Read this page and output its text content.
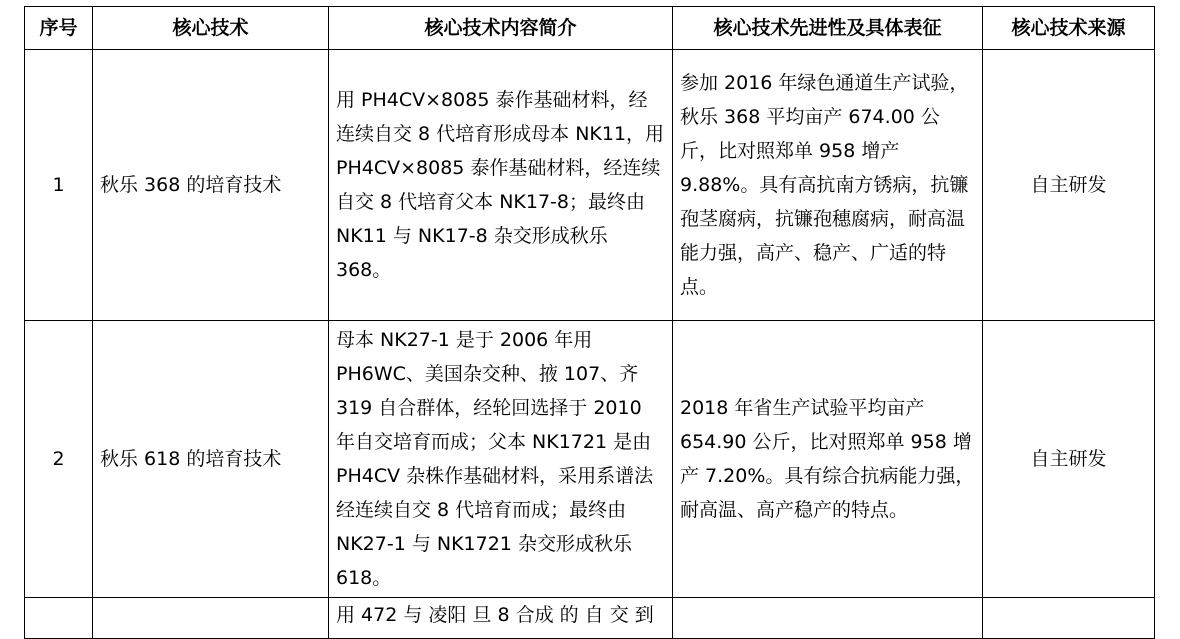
序号	核心技术	核心技术内容简介	核心技术先进性及具体表征	核心技术来源
1	秋乐 368 的培育技术	用 PH4CV×8085 泰作基础材料，经连续自交 8 代培育形成母本 NK11，用 PH4CV×8085 泰作基础材料，经连续自交 8 代培育父本 NK17-8；最终由 NK11 与 NK17-8 杂交形成秋乐 368。	参加 2016 年绿色通道生产试验，秋乐 368 平均亩产 674.00 公斤，比对照郑单 958 增产 9.88%。具有高抗南方锈病，抗镰孢茎腐病，抗镰孢穗腐病，耐高温能力强，高产、稳产、广适的特点。	自主研发
2	秋乐 618 的培育技术	母本 NK27-1 是于 2006 年用 PH6WC、美国杂交种、掖 107、齐 319 自合群体，经轮回选择于 2010 年自交培育而成；父本 NK1721 是由 PH4CV 杂株作基础材料，采用系谱法经连续自交 8 代培育而成；最终由 NK27-1 与 NK1721 杂交形成秋乐 618。	2018 年省生产试验平均亩产 654.90 公斤，比对照郑单 958 增产 7.20%。具有综合抗病能力强，耐高温、高产稳产的特点。	自主研发

		用 472 与 凌阳 旦 8 合成 的 自 交 到		
